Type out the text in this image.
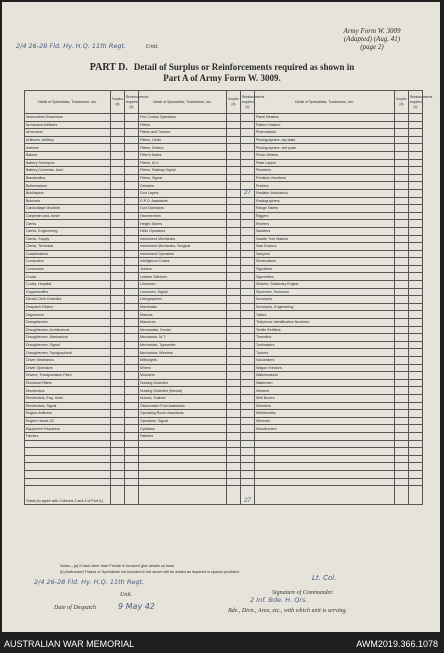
2/4 26-28 Fld. Hy. H.Q. 11th Regt.	Unit.
Army Form W. 3009
(Adapted) (Aug. 41)
(page 2)
PART D. Detail of Surplus or Reinforcements required as shown in
Part A of Army Form W. 3009.
Detail of Specialists, Tradesmen, etc.	Surplus (a)	Reinforcements required (b)	Detail of Specialists, Tradesmen, etc.	Surplus (a)	Reinforcements required (b)	Detail of Specialists, Tradesmen, etc.	Surplus (a)	Reinforcements required (b)
Ammunition Examiners			Fire Control Operators			Panel Beaters		
Armament Artificers			Fitters			Pattern Makers		
Armourers			Fitters and Turners			Pharmacists		
Artificers, Artillery			Fitters, Circle			Photographers, dry plate		
Axemen			Fitters, Drivers			Photographers, wet plate		
Bakers			Fitter's Mates			Photo-Writers		
Battery Surveyors			Fitters, M.V.			Plate Layers		
Battery Commdrs. Asst.			Fitters, Railway Signal			Plumbers		
Blacksmiths			Fitters, Signal			Predictor Numbers		
Boilermakers			Grinders			Printers		
Bricklayers			Gun Layers		27	Radiator Mechanics		
Butchers			G.P.O. Assistants			Radiographers		
Camouflage Modeller			Gun Operators			Range Takers		
Carpenter and Joiner			Hammermen			Riggers		
Clerks			Height Takers			Riveters		
Clerks, Engineering			Helio Operators			Saddlers		
Clerks, Supply			Instrument Mechanics			Saddle Tree Makers		
Clerks, Technical			Instrument Mechanics, Surgical			Saw Doctors		
Coachmakers			Instrument Operators			Sawyers		
Computers			Intelligence Duties			Shoemakers		
Concretors			Joiners			Signallers		
Cooks			Leather Stitchers			Signwriters		
Cooks, Hospital			Linesmen			Stokers, Stationary Engine		
Coppersmiths			Linesmen, Signal			Storemen, Technical		
Dental Clerk Orderlies			Lithographers			Surveyors		
Despatch Riders			Machinists			Surveyors, Engineering		
Dispensers			Masons			Tailors		
Draughtsmen			Masseurs			Telephone Identification Numbers		
Draughtsmen, Architectural			Mechanists, Dental			Textile Refitters		
Draughtsmen, Mechanical			Mechanics, M.T.			Tinsmiths		
Draughtsmen, Signal			Mechanics, Typewriter			Toolmakers		
Draughtsmen, Topographical			Mechanics, Wireless			Turners		
Driver Mechanics			Millwrights			Vulcanisers		
Driver Operators			Miners			Wagon Erectors		
Drivers, Transportation Plant			Moulders			Watchmakers		
Electrical Fitters			Nursing Orderlies			Watermen		
Electricians			Nursing Orderlies (Mental)			Welders		
Electricians, Eng. Units			Nurses, Trained			Well Borers		
Electricians, Signal			Observation Post Assistants			Wheelers		
Engine Artificers			Operating Room Assistants			Whitesmiths		
Engine Hands I/C			Operators, Signal			Wiremen		
Equipment Repairers			Opticians			Woodturners		
Farriers			Painters					

Totals (to agree with Columns 3 and 4 of Part A.)					27			
Notes—(a) If rank other than Private is involved give details on back.
(b) Authorised Trades or Specialists not included in list above will be added as required in spaces provided.
2/4 26-28 Fld. Hy. H.Q. 11th Regt.
Unit.
Lt. Col.
Signature of Commander.
Date of Despatch	9 May 42
2 Inf. Bde. H. Qrs.
Bde., Divn., Area, etc., with which unit is serving.
AUSTRALIAN WAR MEMORIAL	AWM2019.366.1078
